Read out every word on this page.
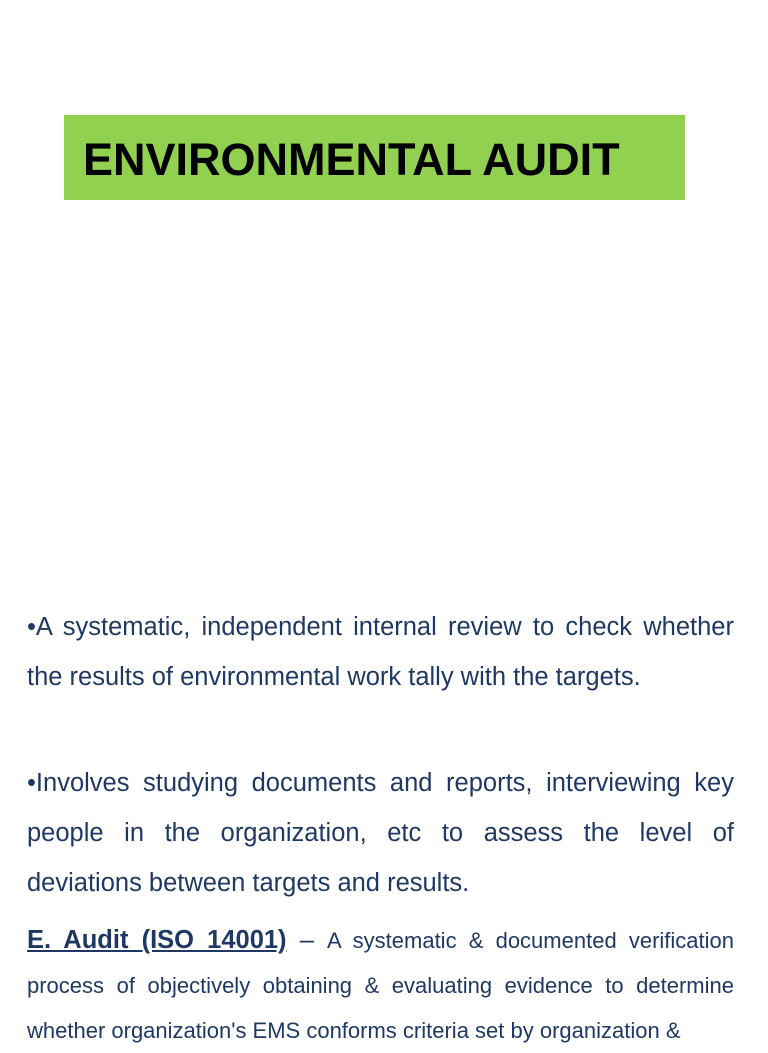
ENVIRONMENTAL AUDIT

•A systematic, independent internal review to check whether the results of environmental work tally with the targets.

•Involves studying documents and reports, interviewing key people in the organization, etc to assess the level of deviations between targets and results.

E. Audit (ISO 14001) – A systematic & documented verification process of objectively obtaining & evaluating evidence to determine whether organization's EMS conforms criteria set by organization &
